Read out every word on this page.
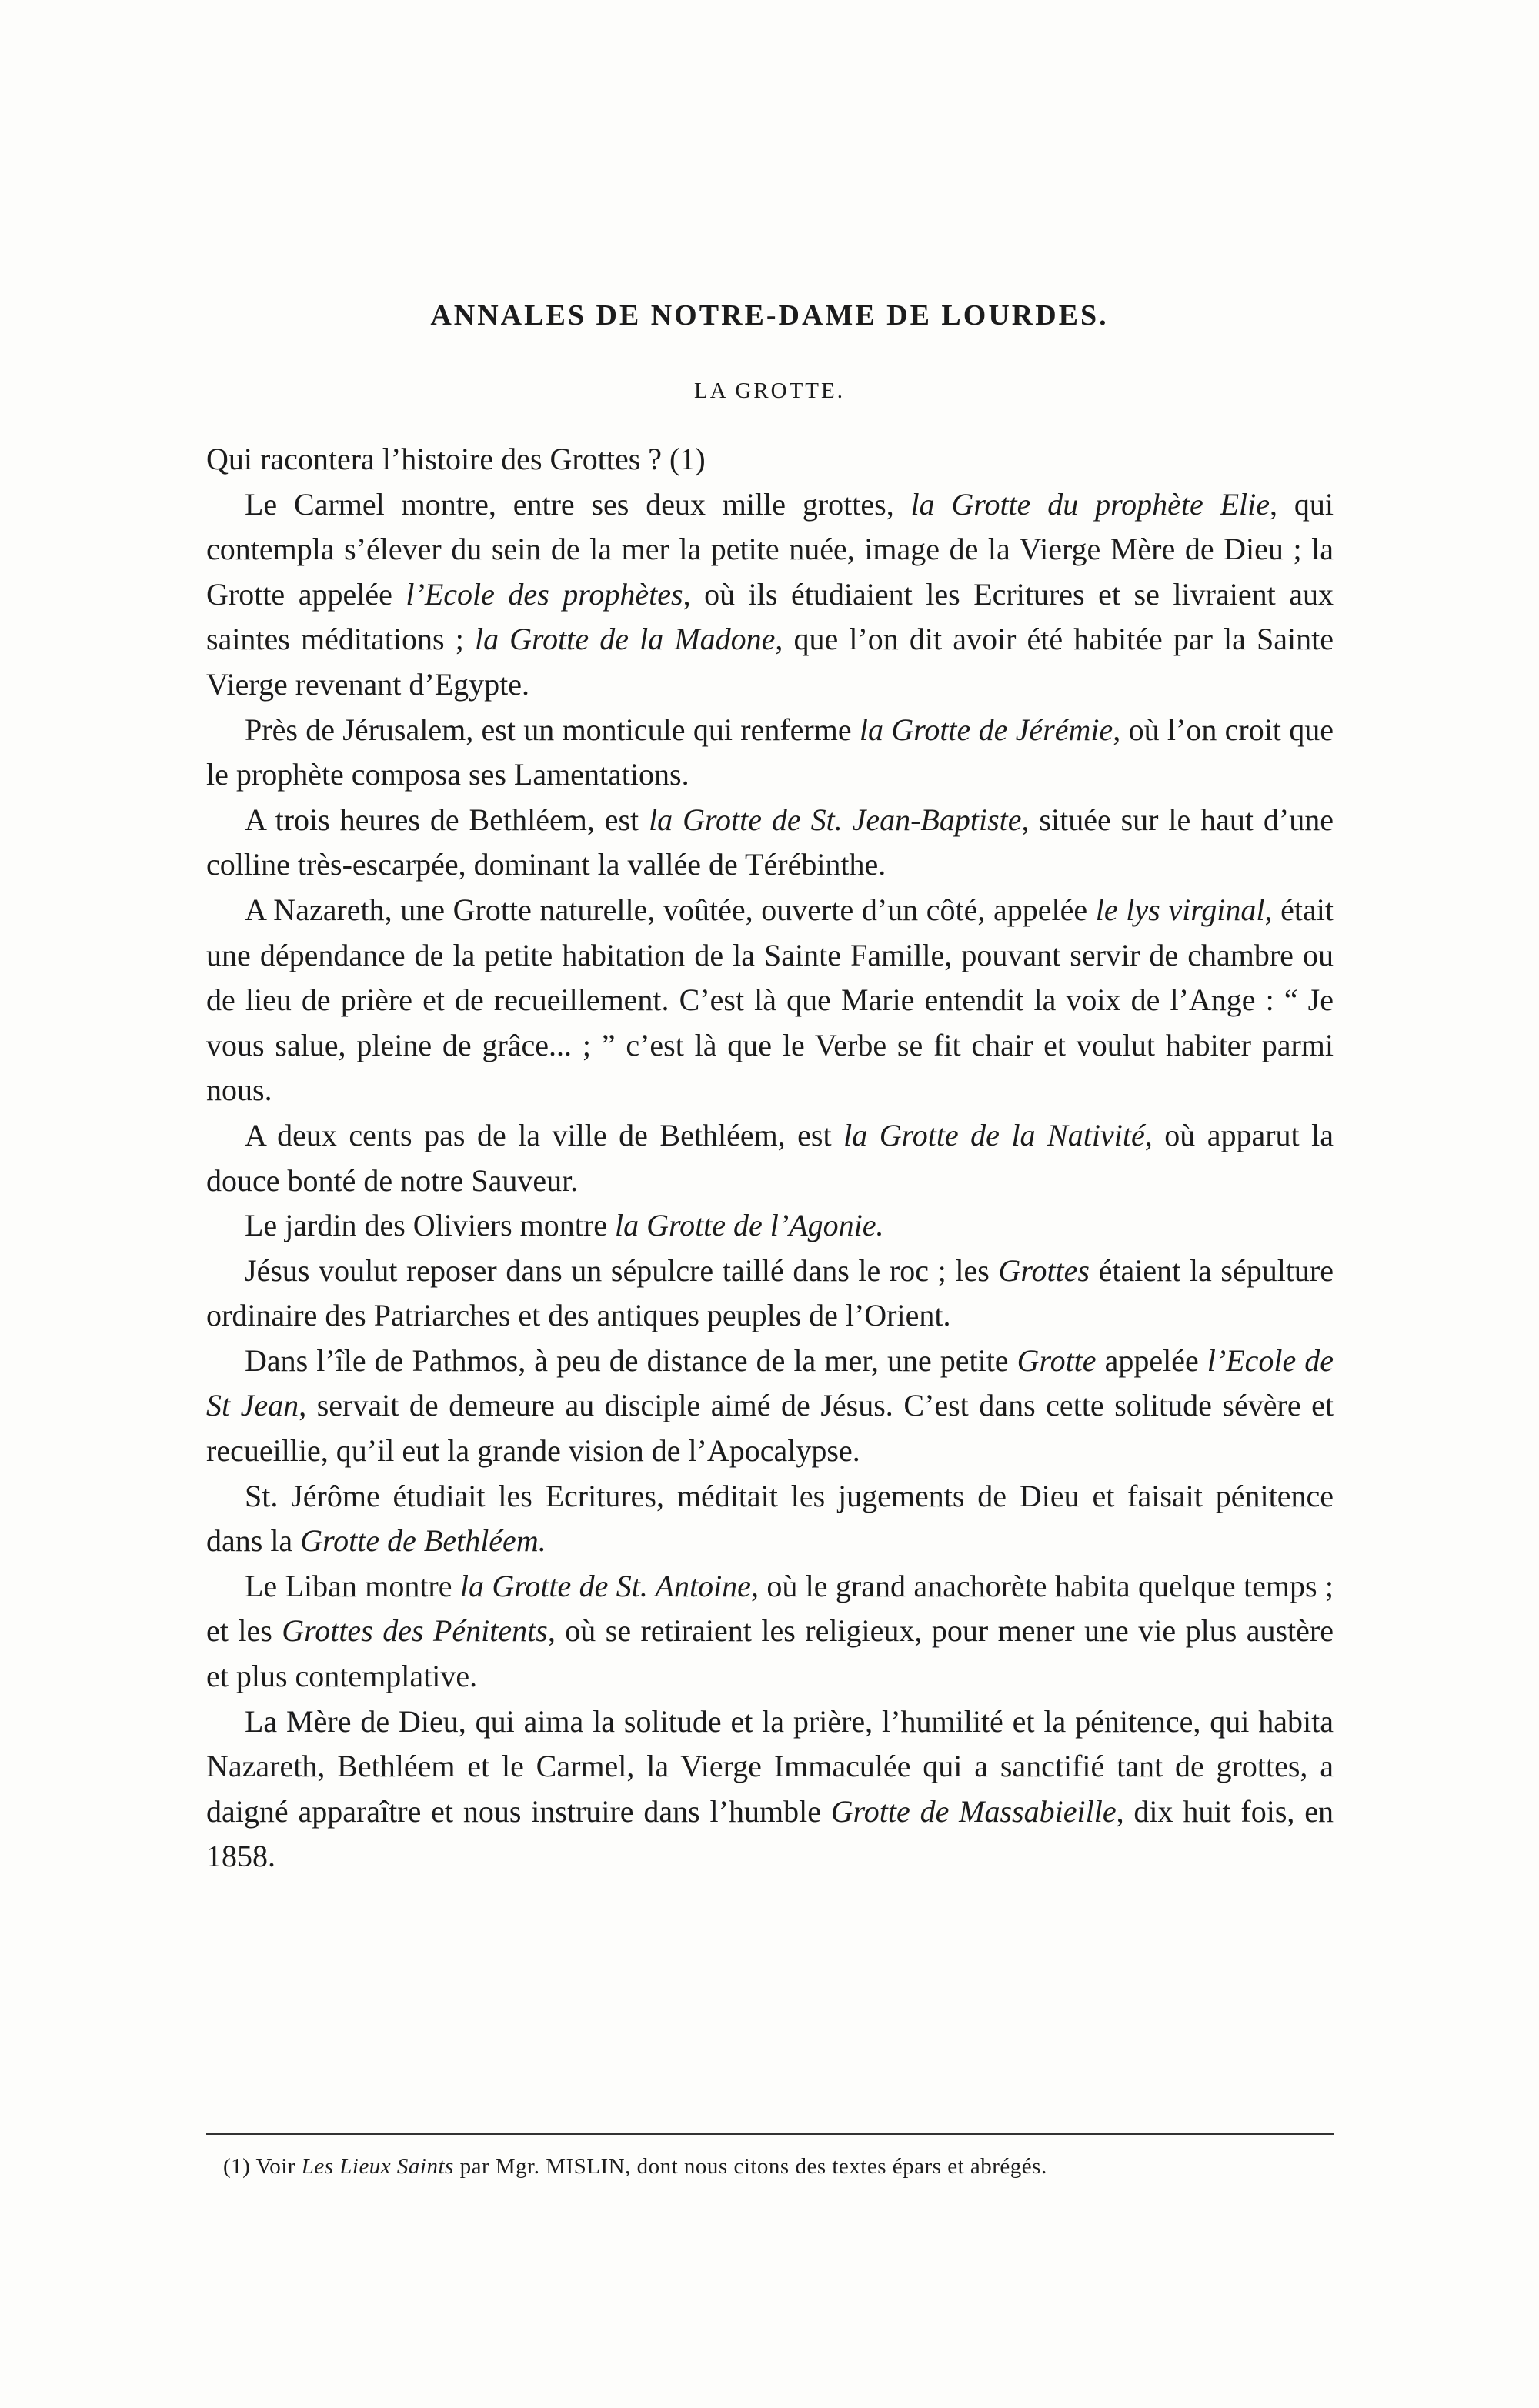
ANNALES DE NOTRE-DAME DE LOURDES.
LA GROTTE.

Qui racontera l’histoire des Grottes ? (1)

Le Carmel montre, entre ses deux mille grottes, la Grotte du prophète Elie, qui contempla s’élever du sein de la mer la petite nuée, image de la Vierge Mère de Dieu ; la Grotte appelée l’Ecole des prophètes, où ils étudiaient les Ecritures et se livraient aux saintes méditations ; la Grotte de la Madone, que l’on dit avoir été habitée par la Sainte Vierge revenant d’Egypte.

Près de Jérusalem, est un monticule qui renferme la Grotte de Jérémie, où l’on croit que le prophète composa ses Lamentations.

A trois heures de Bethléem, est la Grotte de St. Jean-Baptiste, située sur le haut d’une colline très-escarpée, dominant la vallée de Térébinthe.

A Nazareth, une Grotte naturelle, voûtée, ouverte d’un côté, appelée le lys virginal, était une dépendance de la petite habitation de la Sainte Famille, pouvant servir de chambre ou de lieu de prière et de recueillement. C’est là que Marie entendit la voix de l’Ange : “ Je vous salue, pleine de grâce... ; ” c’est là que le Verbe se fit chair et voulut habiter parmi nous.

A deux cents pas de la ville de Bethléem, est la Grotte de la Nativité, où apparut la douce bonté de notre Sauveur.

Le jardin des Oliviers montre la Grotte de l’Agonie.

Jésus voulut reposer dans un sépulcre taillé dans le roc ; les Grottes étaient la sépulture ordinaire des Patriarches et des antiques peuples de l’Orient.

Dans l’île de Pathmos, à peu de distance de la mer, une petite Grotte appelée l’Ecole de St Jean, servait de demeure au disciple aimé de Jésus. C’est dans cette solitude sévère et recueillie, qu’il eut la grande vision de l’Apocalypse.

St. Jérôme étudiait les Ecritures, méditait les jugements de Dieu et faisait pénitence dans la Grotte de Bethléem.

Le Liban montre la Grotte de St. Antoine, où le grand anachorète habita quelque temps ; et les Grottes des Pénitents, où se retiraient les religieux, pour mener une vie plus austère et plus contemplative.

La Mère de Dieu, qui aima la solitude et la prière, l’humilité et la pénitence, qui habita Nazareth, Bethléem et le Carmel, la Vierge Immaculée qui a sanctifié tant de grottes, a daigné apparaître et nous instruire dans l’humble Grotte de Massabieille, dix huit fois, en 1858.

(1) Voir Les Lieux Saints par Mgr. MISLIN, dont nous citons des textes épars et abrégés.
